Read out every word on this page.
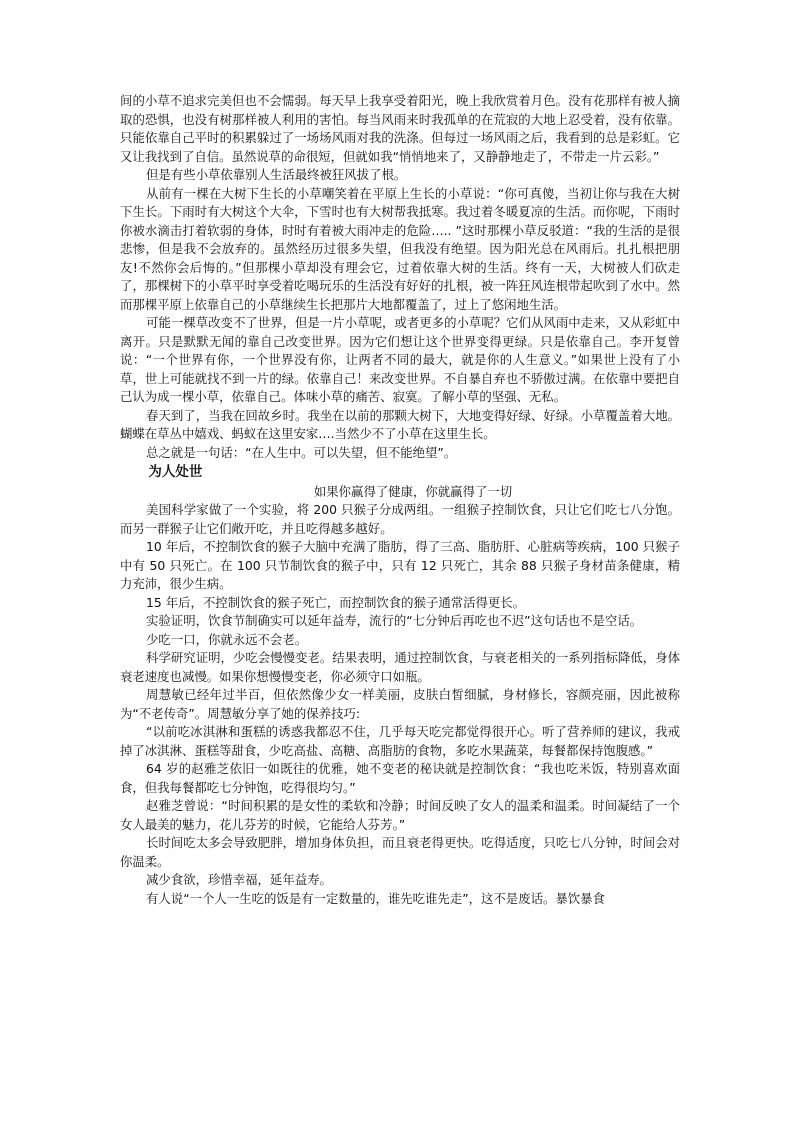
间的小草不追求完美但也不会懦弱。每天早上我享受着阳光，晚上我欣赏着月色。没有花那样有被人摘取的恐惧，也没有树那样被人利用的害怕。每当风雨来时我孤单的在荒寂的大地上忍受着，没有依靠。只能依靠自己平时的积累躲过了一场场风雨对我的洗涤。但每过一场风雨之后，我看到的总是彩虹。它又让我找到了自信。虽然说草的命很短，但就如我“悄悄地来了，又静静地走了，不带走一片云彩。”

但是有些小草依靠别人生活最终被狂风拔了根。

从前有一棵在大树下生长的小草嘲笑着在平原上生长的小草说：“你可真傻，当初让你与我在大树下生长。下雨时有大树这个大伞，下雪时也有大树帮我抵寒。我过着冬暖夏凉的生活。而你呢，下雨时你被水滴击打着软弱的身体，时时有着被大雨冲走的危险….. ”这时那棵小草反驳道：“我的生活的是很悲惨，但是我不会放弃的。虽然经历过很多失望，但我没有绝望。因为阳光总在风雨后。扎扎根把朋友!不然你会后悔的。”但那棵小草却没有理会它，过着依靠大树的生活。终有一天，大树被人们砍走了，那棵树下的小草平时享受着吃喝玩乐的生活没有好好的扎根，被一阵狂风连根带起吹到了水中。然而那棵平原上依靠自己的小草继续生长把那片大地都覆盖了，过上了悠闲地生活。

可能一棵草改变不了世界，但是一片小草呢，或者更多的小草呢？它们从风雨中走来，又从彩虹中离开。只是默默无闻的靠自己改变世界。因为它们想让这个世界变得更绿。只是依靠自己。李开复曾说：“一个世界有你，一个世界没有你，让两者不同的最大，就是你的人生意义。”如果世上没有了小草，世上可能就找不到一片的绿。依靠自己！来改变世界。不自暴自弃也不骄傲过满。在依靠中要把自己认为成一棵小草，依靠自己。体味小草的痛苦、寂寞。了解小草的坚强、无私。

春天到了，当我在回故乡时。我坐在以前的那颗大树下，大地变得好绿、好绿。小草覆盖着大地。蝴蝶在草丛中嬉戏、蚂蚁在这里安家….当然少不了小草在这里生长。

总之就是一句话：“在人生中。可以失望，但不能绝望”。

为人处世

如果你赢得了健康，你就赢得了一切

美国科学家做了一个实验，将 200 只猴子分成两组。一组猴子控制饮食，只让它们吃七八分饱。而另一群猴子让它们敞开吃，并且吃得越多越好。

10 年后，不控制饮食的猴子大脑中充满了脂肪，得了三高、脂肪肝、心脏病等疾病，100 只猴子中有 50 只死亡。在 100 只节制饮食的猴子中，只有 12 只死亡，其余 88 只猴子身材苗条健康，精力充沛，很少生病。

15 年后，不控制饮食的猴子死亡，而控制饮食的猴子通常活得更长。

实验证明，饮食节制确实可以延年益寿，流行的“七分钟后再吃也不迟”这句话也不是空话。

少吃一口，你就永远不会老。

科学研究证明，少吃会慢慢变老。结果表明，通过控制饮食，与衰老相关的一系列指标降低，身体衰老速度也减慢。如果你想慢慢变老，你必须守口如瓶。

周慧敏已经年过半百，但依然像少女一样美丽，皮肤白皙细腻，身材修长，容颜亮丽，因此被称为“不老传奇”。周慧敏分享了她的保养技巧:

“以前吃冰淇淋和蛋糕的诱惑我都忍不住，几乎每天吃完都觉得很开心。听了营养师的建议，我戒掉了冰淇淋、蛋糕等甜食，少吃高盐、高糖、高脂肪的食物，多吃水果蔬菜，每餐都保持饱腹感。”

64 岁的赵雅芝依旧一如既往的优雅，她不变老的秘诀就是控制饮食：“我也吃米饭，特别喜欢面食，但我每餐都吃七分钟饱，吃得很均匀。”

赵雅芝曾说：“时间积累的是女性的柔软和冷静；时间反映了女人的温柔和温柔。时间凝结了一个女人最美的魅力，花儿芬芳的时候，它能给人芬芳。”

长时间吃太多会导致肥胖，增加身体负担，而且衰老得更快。吃得适度，只吃七八分钟，时间会对你温柔。

减少食欲，珍惜幸福，延年益寿。

有人说“一个人一生吃的饭是有一定数量的，谁先吃谁先走”，这不是废话。暴饮暴食
